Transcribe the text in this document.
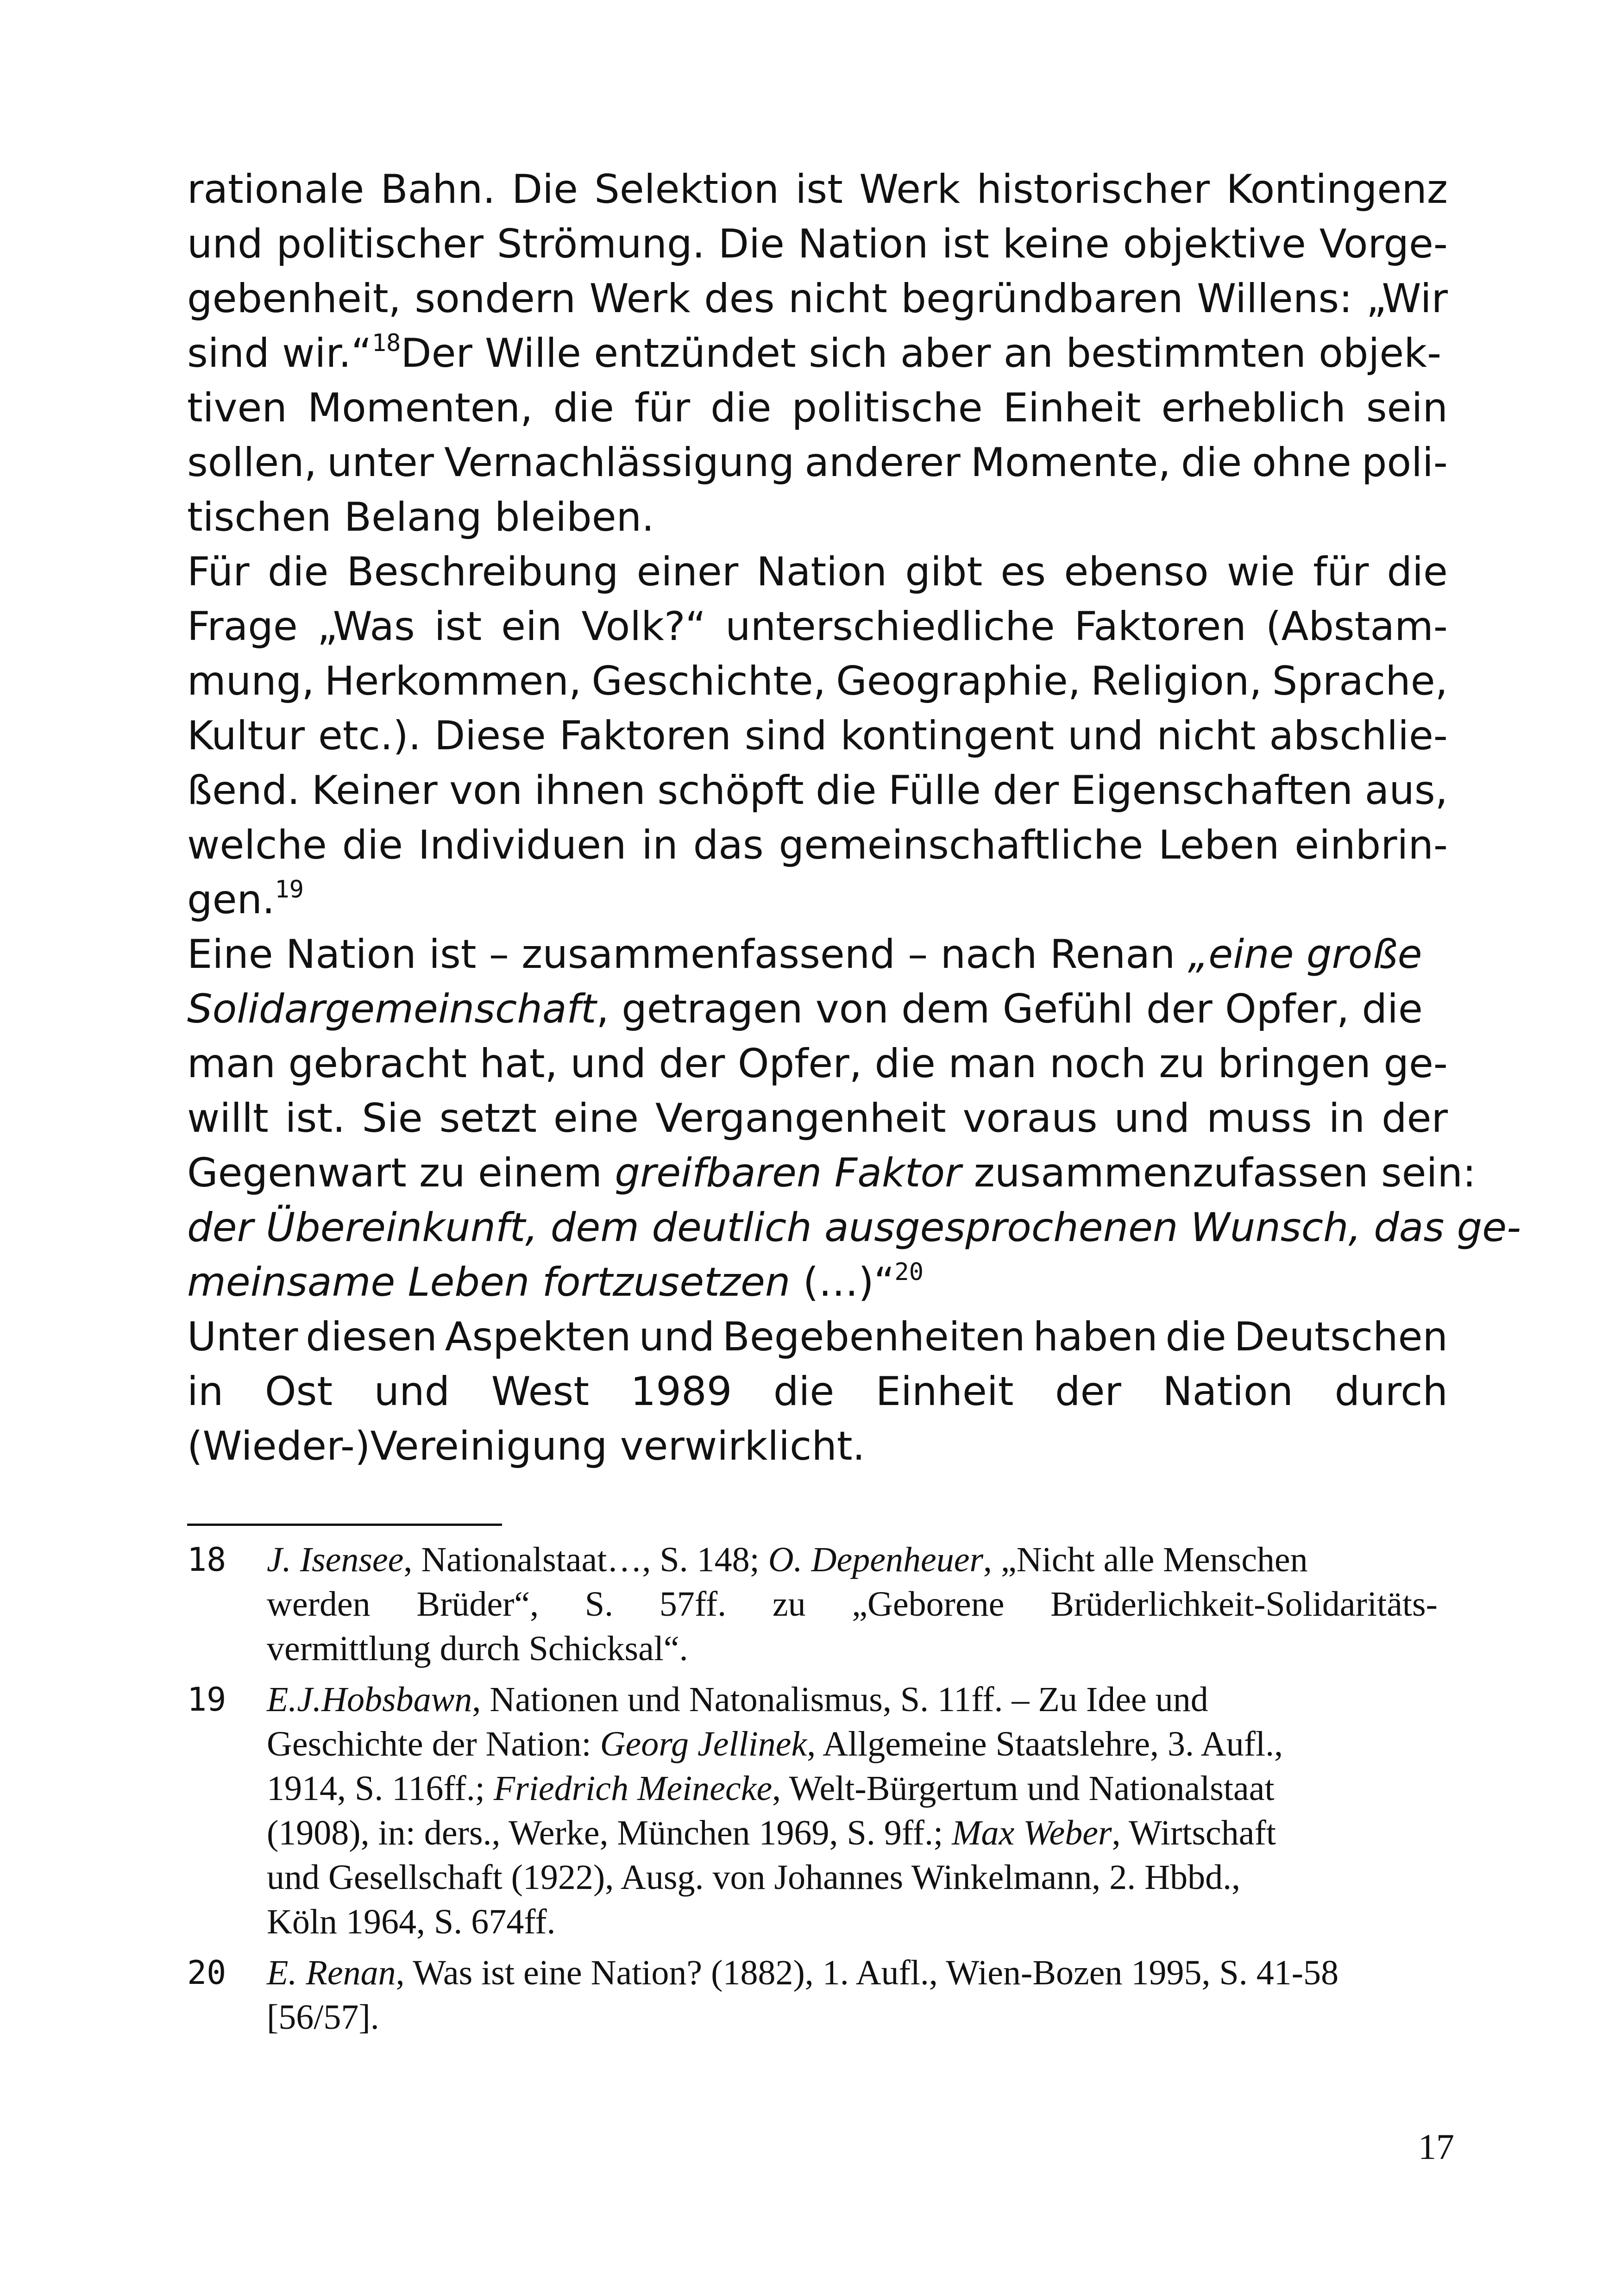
rationale Bahn. Die Selektion ist Werk historischer Kontingenz
und politischer Strömung. Die Nation ist keine objektive Vorge-
gebenheit, sondern Werk des nicht begründbaren Willens: „Wir
sind wir.“$^{18}$Der Wille entzündet sich aber an bestimmten objek-
tiven Momenten, die für die politische Einheit erheblich sein
sollen, unter Vernachlässigung anderer Momente, die ohne poli-
tischen Belang bleiben.
Für die Beschreibung einer Nation gibt es ebenso wie für die
Frage „Was ist ein Volk?“ unterschiedliche Faktoren (Abstam-
mung, Herkommen, Geschichte, Geographie, Religion, Sprache,
Kultur etc.). Diese Faktoren sind kontingent und nicht abschlie-
ßend. Keiner von ihnen schöpft die Fülle der Eigenschaften aus,
welche die Individuen in das gemeinschaftliche Leben einbrin-
gen.$^{19}$
Eine Nation ist – zusammenfassend – nach Renan „eine große
Solidargemeinschaft, getragen von dem Gefühl der Opfer, die
man gebracht hat, und der Opfer, die man noch zu bringen ge-
willt ist. Sie setzt eine Vergangenheit voraus und muss in der
Gegenwart zu einem greifbaren Faktor zusammenzufassen sein:
der Übereinkunft, dem deutlich ausgesprochenen Wunsch, das ge-
meinsame Leben fortzusetzen (…)“$^{20}$
Unter diesen Aspekten und Begebenheiten haben die Deutschen
in Ost und West 1989 die Einheit der Nation durch
(Wieder-)Vereinigung verwirklicht.
18	J. Isensee, Nationalstaat…, S. 148; O. Depenheuer, „Nicht alle Menschen
werden Brüder“, S. 57ff. zu „Geborene Brüderlichkeit-Solidaritäts-
vermittlung durch Schicksal“.
19	E.J.Hobsbawn, Nationen und Natonalismus, S. 11ff. – Zu Idee und
Geschichte der Nation: Georg Jellinek, Allgemeine Staatslehre, 3. Aufl.,
1914, S. 116ff.; Friedrich Meinecke, Welt-Bürgertum und Nationalstaat
(1908), in: ders., Werke, München 1969, S. 9ff.; Max Weber, Wirtschaft
und Gesellschaft (1922), Ausg. von Johannes Winkelmann, 2. Hbbd.,
Köln 1964, S. 674ff.
20	E. Renan, Was ist eine Nation? (1882), 1. Aufl., Wien-Bozen 1995, S. 41-58
[56/57].
17
